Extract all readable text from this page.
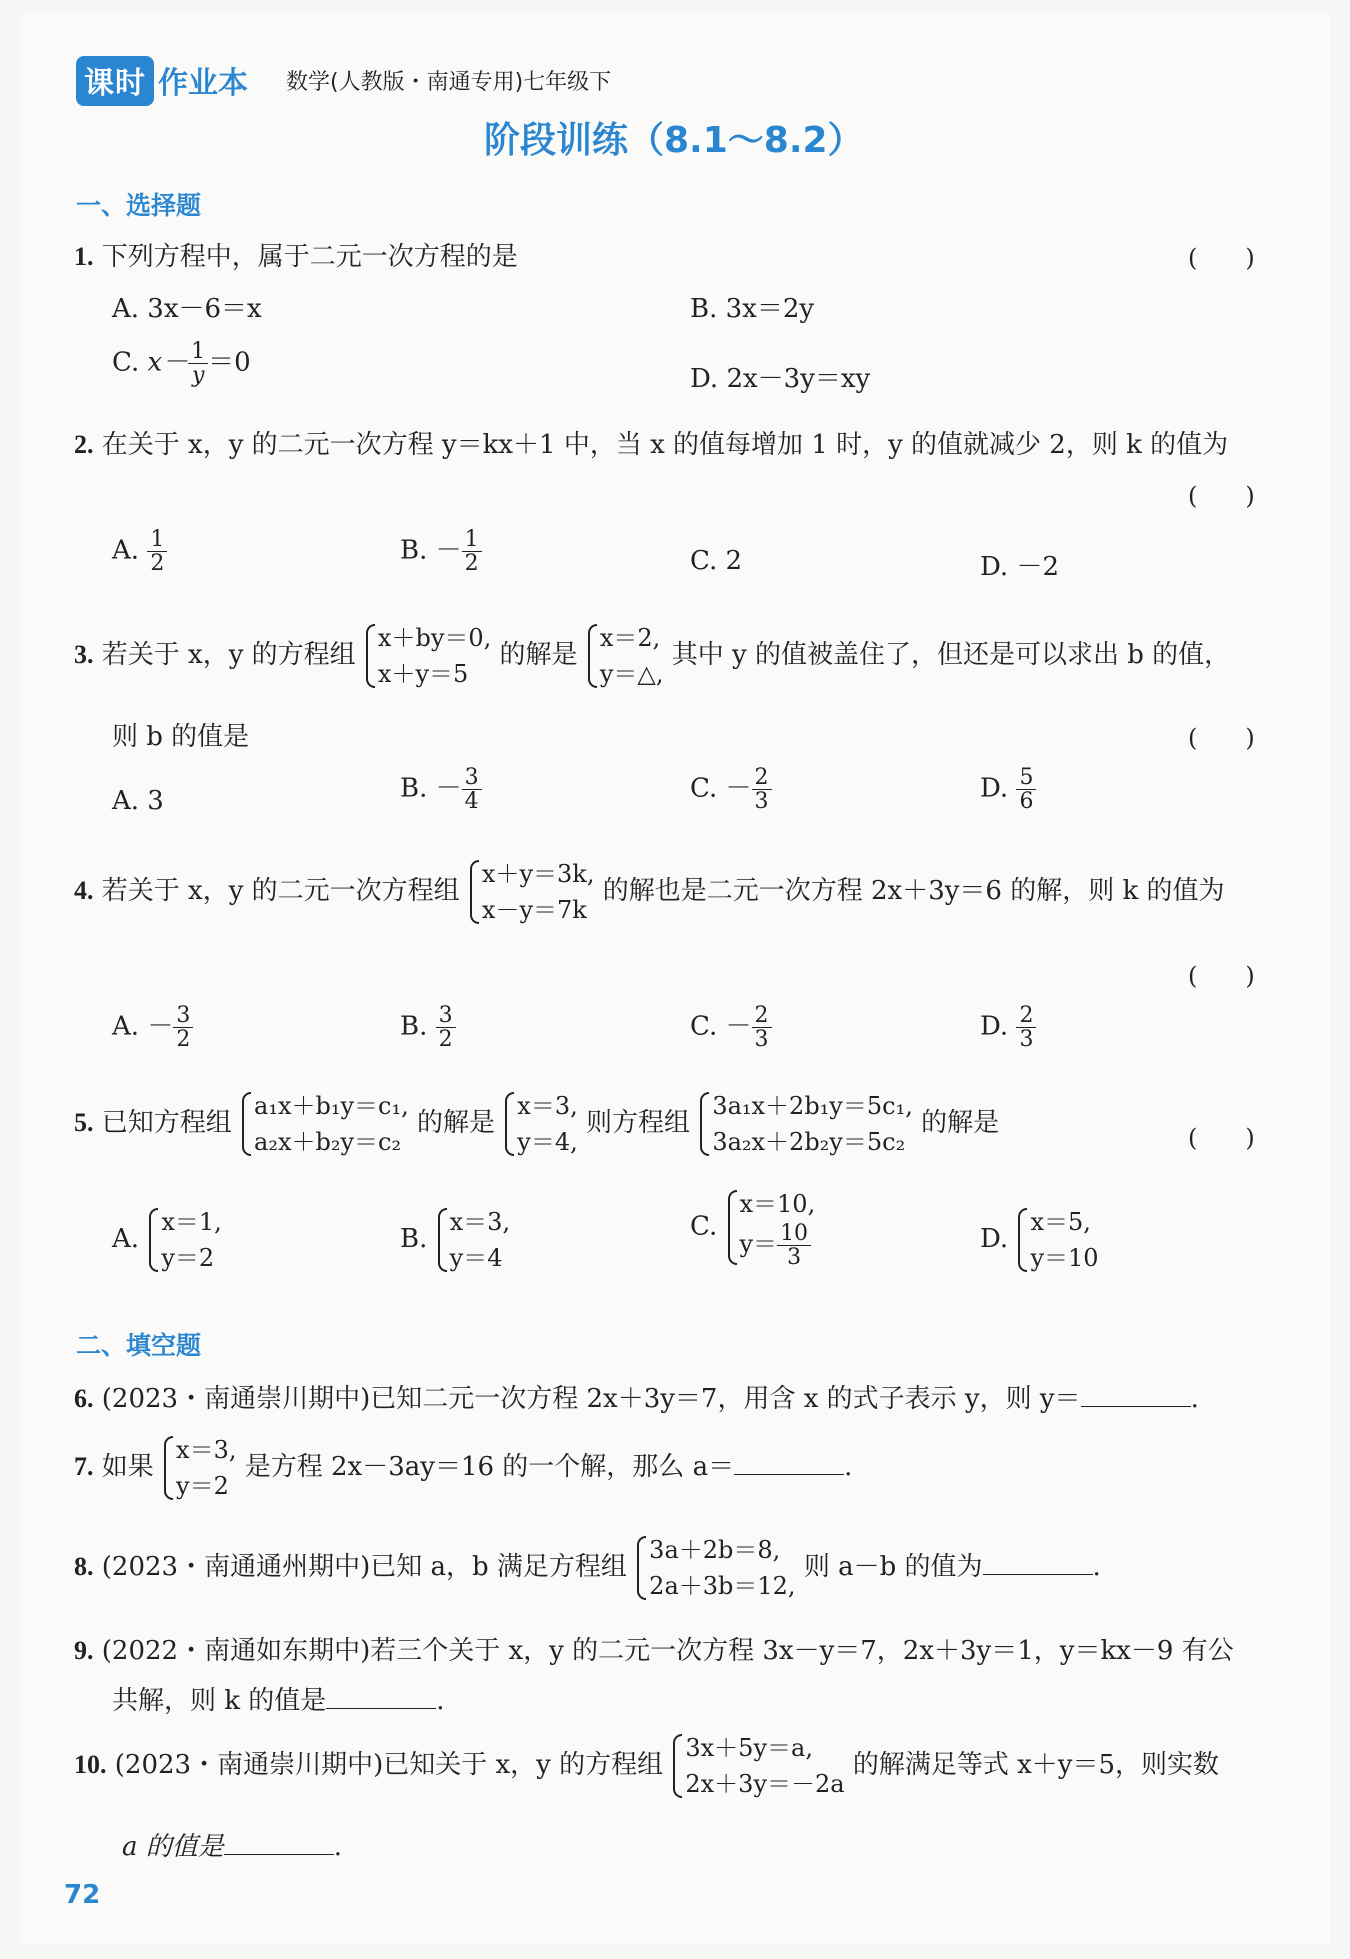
课时 作业本 数学(人教版・南通专用)七年级下
阶段训练（8.1～8.2）
一、选择题
1. 下列方程中，属于二元一次方程的是	(　　)
A. 3x－6＝x	B. 3x＝2y
C. $x- \frac{1}{y} =0$
D. 2x－3y＝xy
2. 在关于 x，y 的二元一次方程 y＝kx＋1 中，当 x 的值每增加 1 时，y 的值就减少 2，则 k 的值为
(　　)
A. $\frac{1}{2}$	B. － $\frac{1}{2}$	C. 2	D. －2
3. 若关于 x，y 的方程组
x＋by＝0,
x＋y＝5
的解是
x＝2,
y＝△,
其中 y 的值被盖住了，但还是可以求出 b 的值，
则 b 的值是	(　　)
A. 3	B. － $\frac{3}{4}$	C. － $\frac{2}{3}$	D. $\frac{5}{6}$
4. 若关于 x，y 的二元一次方程组
x＋y＝3k,
x－y＝7k
的解也是二元一次方程 2x＋3y＝6 的解，则 k 的值为
(　　)
A. － $\frac{3}{2}$	B. $\frac{3}{2}$	C. － $\frac{2}{3}$	D. $\frac{2}{3}$
5. 已知方程组
a₁x＋b₁y＝c₁,
a₂x＋b₂y＝c₂
的解是
x＝3,
y＝4,
则方程组
3a₁x＋2b₁y＝5c₁,
3a₂x＋2b₂y＝5c₂
的解是	(　　)
A.
x＝1,
y＝2
B.
x＝3,
y＝4
C.
x＝10,
$y= \frac{10}{3}$	D.
x＝5,
y＝10
二、填空题
6. (2023・南通崇川期中)已知二元一次方程 2x＋3y＝7，用含 x 的式子表示 y，则 y＝	.
7. 如果
x＝3,
y＝2
是方程 2x－3ay＝16 的一个解，那么 a＝	.
8. (2023・南通通州期中)已知 a，b 满足方程组
3a＋2b＝8,
2a＋3b＝12,
则 a－b 的值为	.
9. (2022・南通如东期中)若三个关于 x，y 的二元一次方程 3x－y＝7，2x＋3y＝1，y＝kx－9 有公
共解，则 k 的值是	.
10. (2023・南通崇川期中)已知关于 x，y 的方程组
3x＋5y＝a,
2x＋3y＝－2a
的解满足等式 x＋y＝5，则实数
a 的值是	.
72
